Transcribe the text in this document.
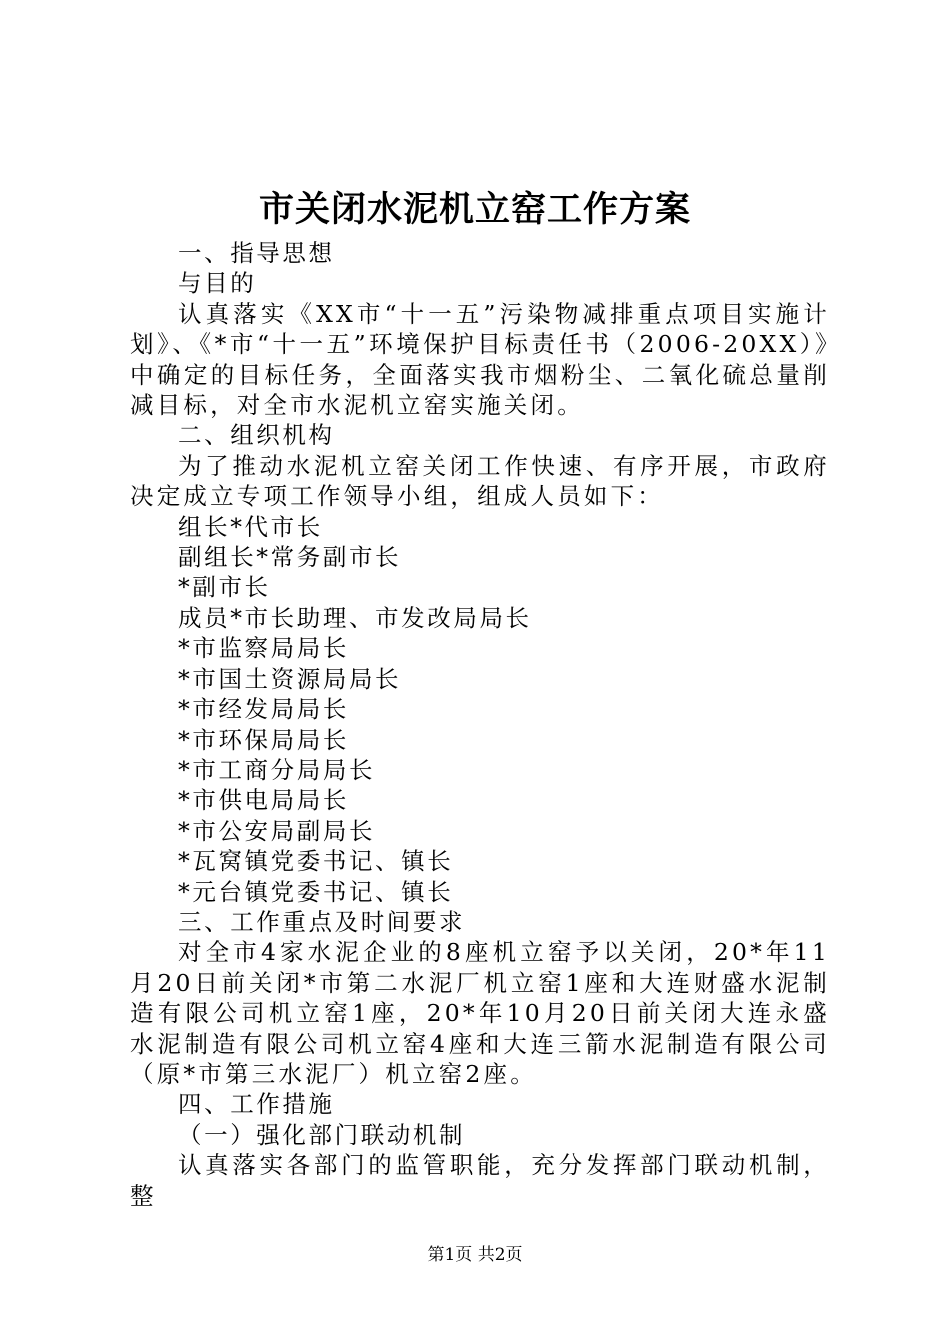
市关闭水泥机立窑工作方案

一、指导思想

与目的

认真落实《XX市“十一五”污染物减排重点项目实施计划》、《*市“十一五”环境保护目标责任书（2006-20XX）》中确定的目标任务，全面落实我市烟粉尘、二氧化硫总量削减目标，对全市水泥机立窑实施关闭。

二、组织机构

为了推动水泥机立窑关闭工作快速、有序开展，市政府决定成立专项工作领导小组，组成人员如下：

组长*代市长

副组长*常务副市长

*副市长

成员*市长助理、市发改局局长

*市监察局局长

*市国土资源局局长

*市经发局局长

*市环保局局长

*市工商分局局长

*市供电局局长

*市公安局副局长

*瓦窝镇党委书记、镇长

*元台镇党委书记、镇长

三、工作重点及时间要求

对全市4家水泥企业的8座机立窑予以关闭，20*年11月20日前关闭*市第二水泥厂机立窑1座和大连财盛水泥制造有限公司机立窑1座，20*年10月20日前关闭大连永盛水泥制造有限公司机立窑4座和大连三箭水泥制造有限公司（原*市第三水泥厂）机立窑2座。

四、工作措施

（一）强化部门联动机制

认真落实各部门的监管职能，充分发挥部门联动机制，整

第1页 共2页
